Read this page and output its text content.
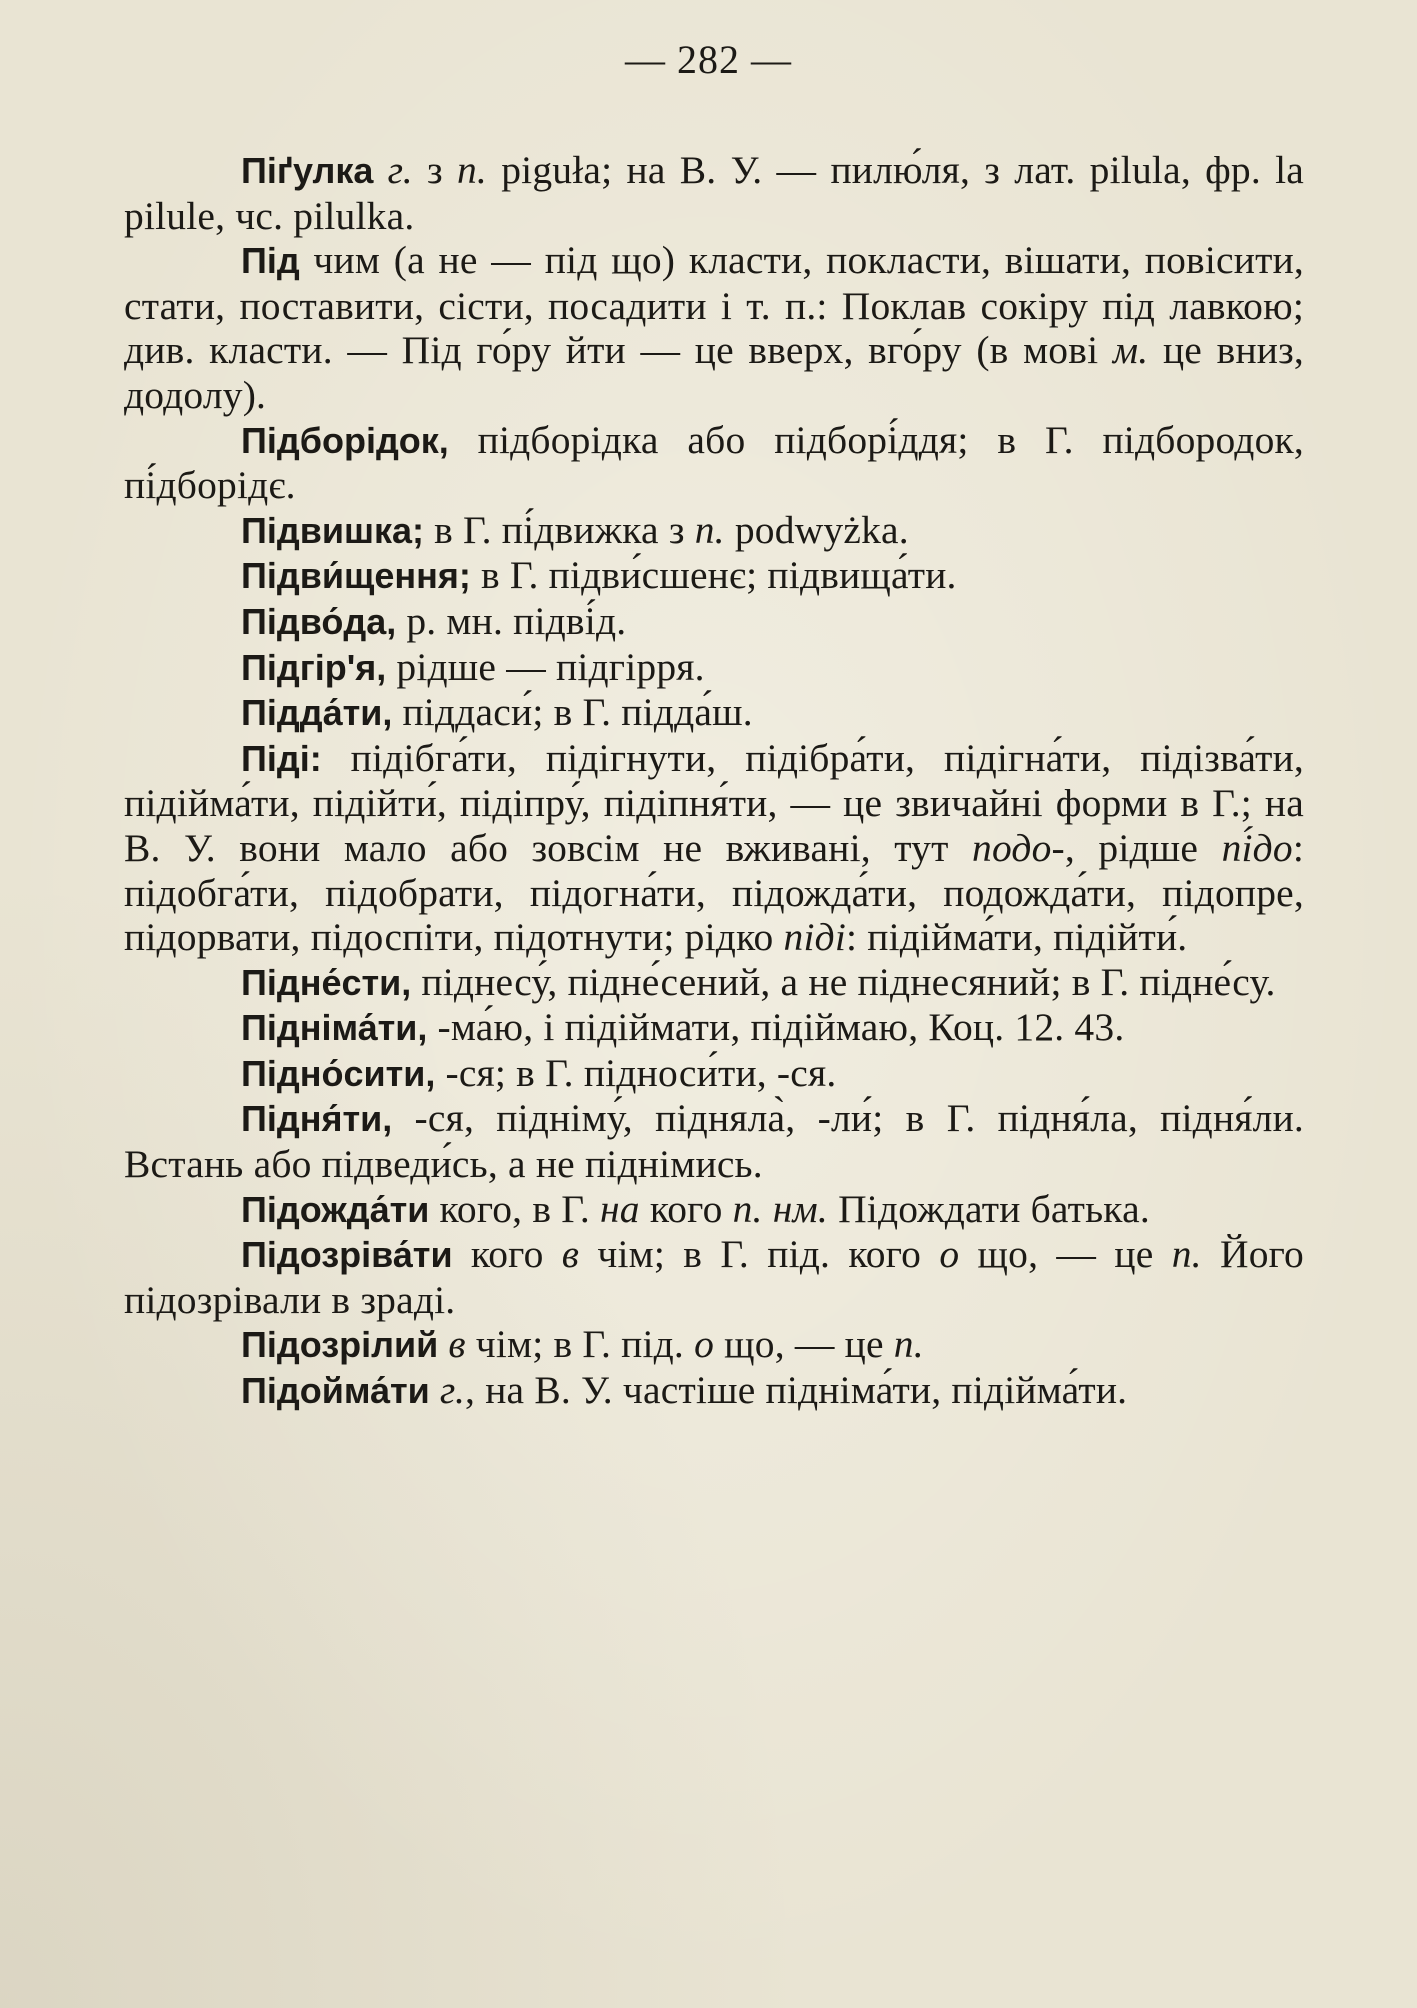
— 282 —

Піґулка г. з п. piguła; на В. У. — пилю́ля, з лат. pilula, фр. la pilule, чс. pilulka.

Під чим (а не — під що) класти, покласти, вішати, повісити, стати, поставити, сісти, посадити і т. п.: Поклав сокіру під лавкою; див. класти. — Під го́ру йти — це вверх, вго́ру (в мові м. це вниз, додолу).

Підборідок, підборідка або підборі́ддя; в Г. підбородок, пі́дборідє.

Підвишка; в Г. пі́движка з п. podwyżka.

Підви́щення; в Г. підви́сшенє; підвища́ти.

Підво́да, р. мн. підві́д.

Підгір'я, рідше — підгірря.

Підда́ти, піддаси́; в Г. підда́ш.

Піді: підібга́ти, підігнути, підібра́ти, підігна́ти, підізва́ти, підійма́ти, підійти́, підіпру́, підіпня́ти, — це звичайні форми в Г.; на В. У. вони мало або зовсім не вживані, тут подо-, рідше пі́до: підобга́ти, підобрати, підогна́ти, підожда́ти, подожда́ти, підопре, підорвати, підоспіти, підотнути; рідко піді: підійма́ти, підійти́.

Підне́сти, піднесу́, підне́сений, а не піднесяний; в Г. підне́су.

Підніма́ти, -ма́ю, і підіймати, підіймаю, Коц. 12. 43.

Підно́сити, -ся; в Г. підноси́ти, -ся.

Підня́ти, -ся, підніму́, підняла̀, -ли́; в Г. підня́ла, підня́ли. Встань або підведи́сь, а не піднімись.

Підожда́ти кого, в Г. на кого п. нм. Підождати батька.

Підозріва́ти кого в чім; в Г. під. кого о що, — це п. Його підозрівали в зраді.

Підозрілий в чім; в Г. під. о що, — це п.

Підойма́ти г., на В. У. частіше підніма́ти, підійма́ти.
